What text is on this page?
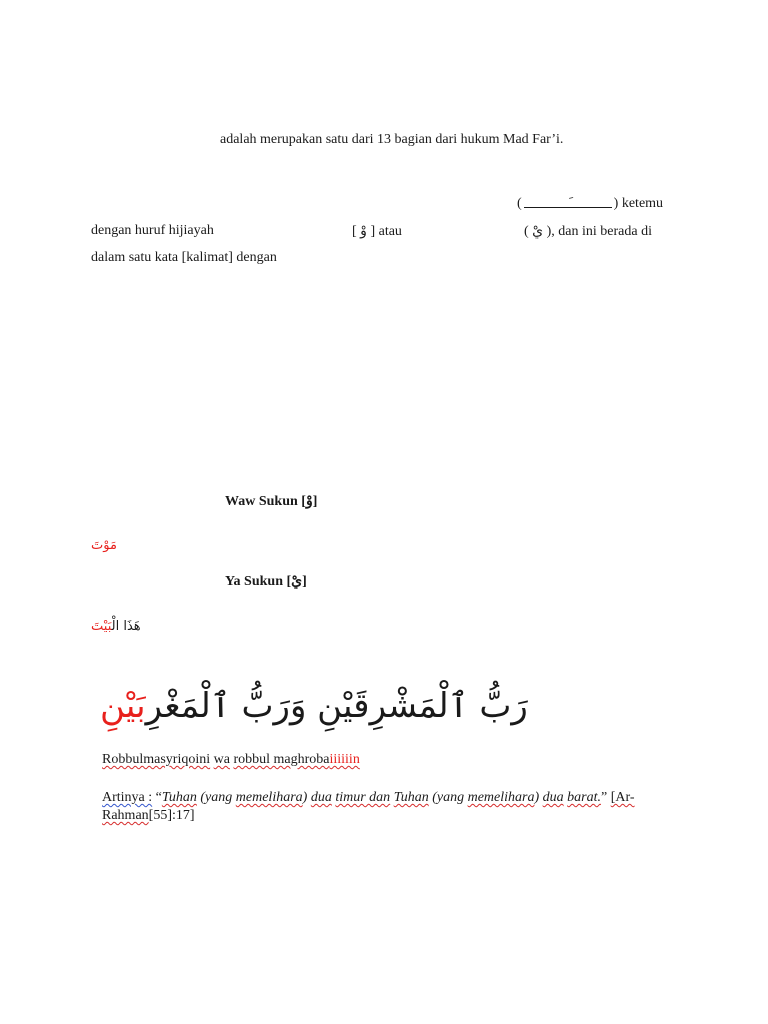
adalah merupakan satu dari 13 bagian dari hukum Mad Far’i.
(	) ketemu
dengan huruf hijiayah	[ وْ ] atau	( يْ ), dan ini berada di
dalam satu kata [kalimat] dengan
Waw Sukun [وْ]
مَوْتَ
Ya Sukun [يْ]
هَذَا الْبَيْتَ
رَبُّ ٱلْمَشْرِقَيْنِ وَرَبُّ ٱلْمَغْرِبَيْنِ
Robbulmasyriqoini wa robbul maghrobaiiiiiin
Artinya : “Tuhan (yang memelihara) dua timur dan Tuhan (yang memelihara) dua barat.” [Ar-Rahman[55]:17]
